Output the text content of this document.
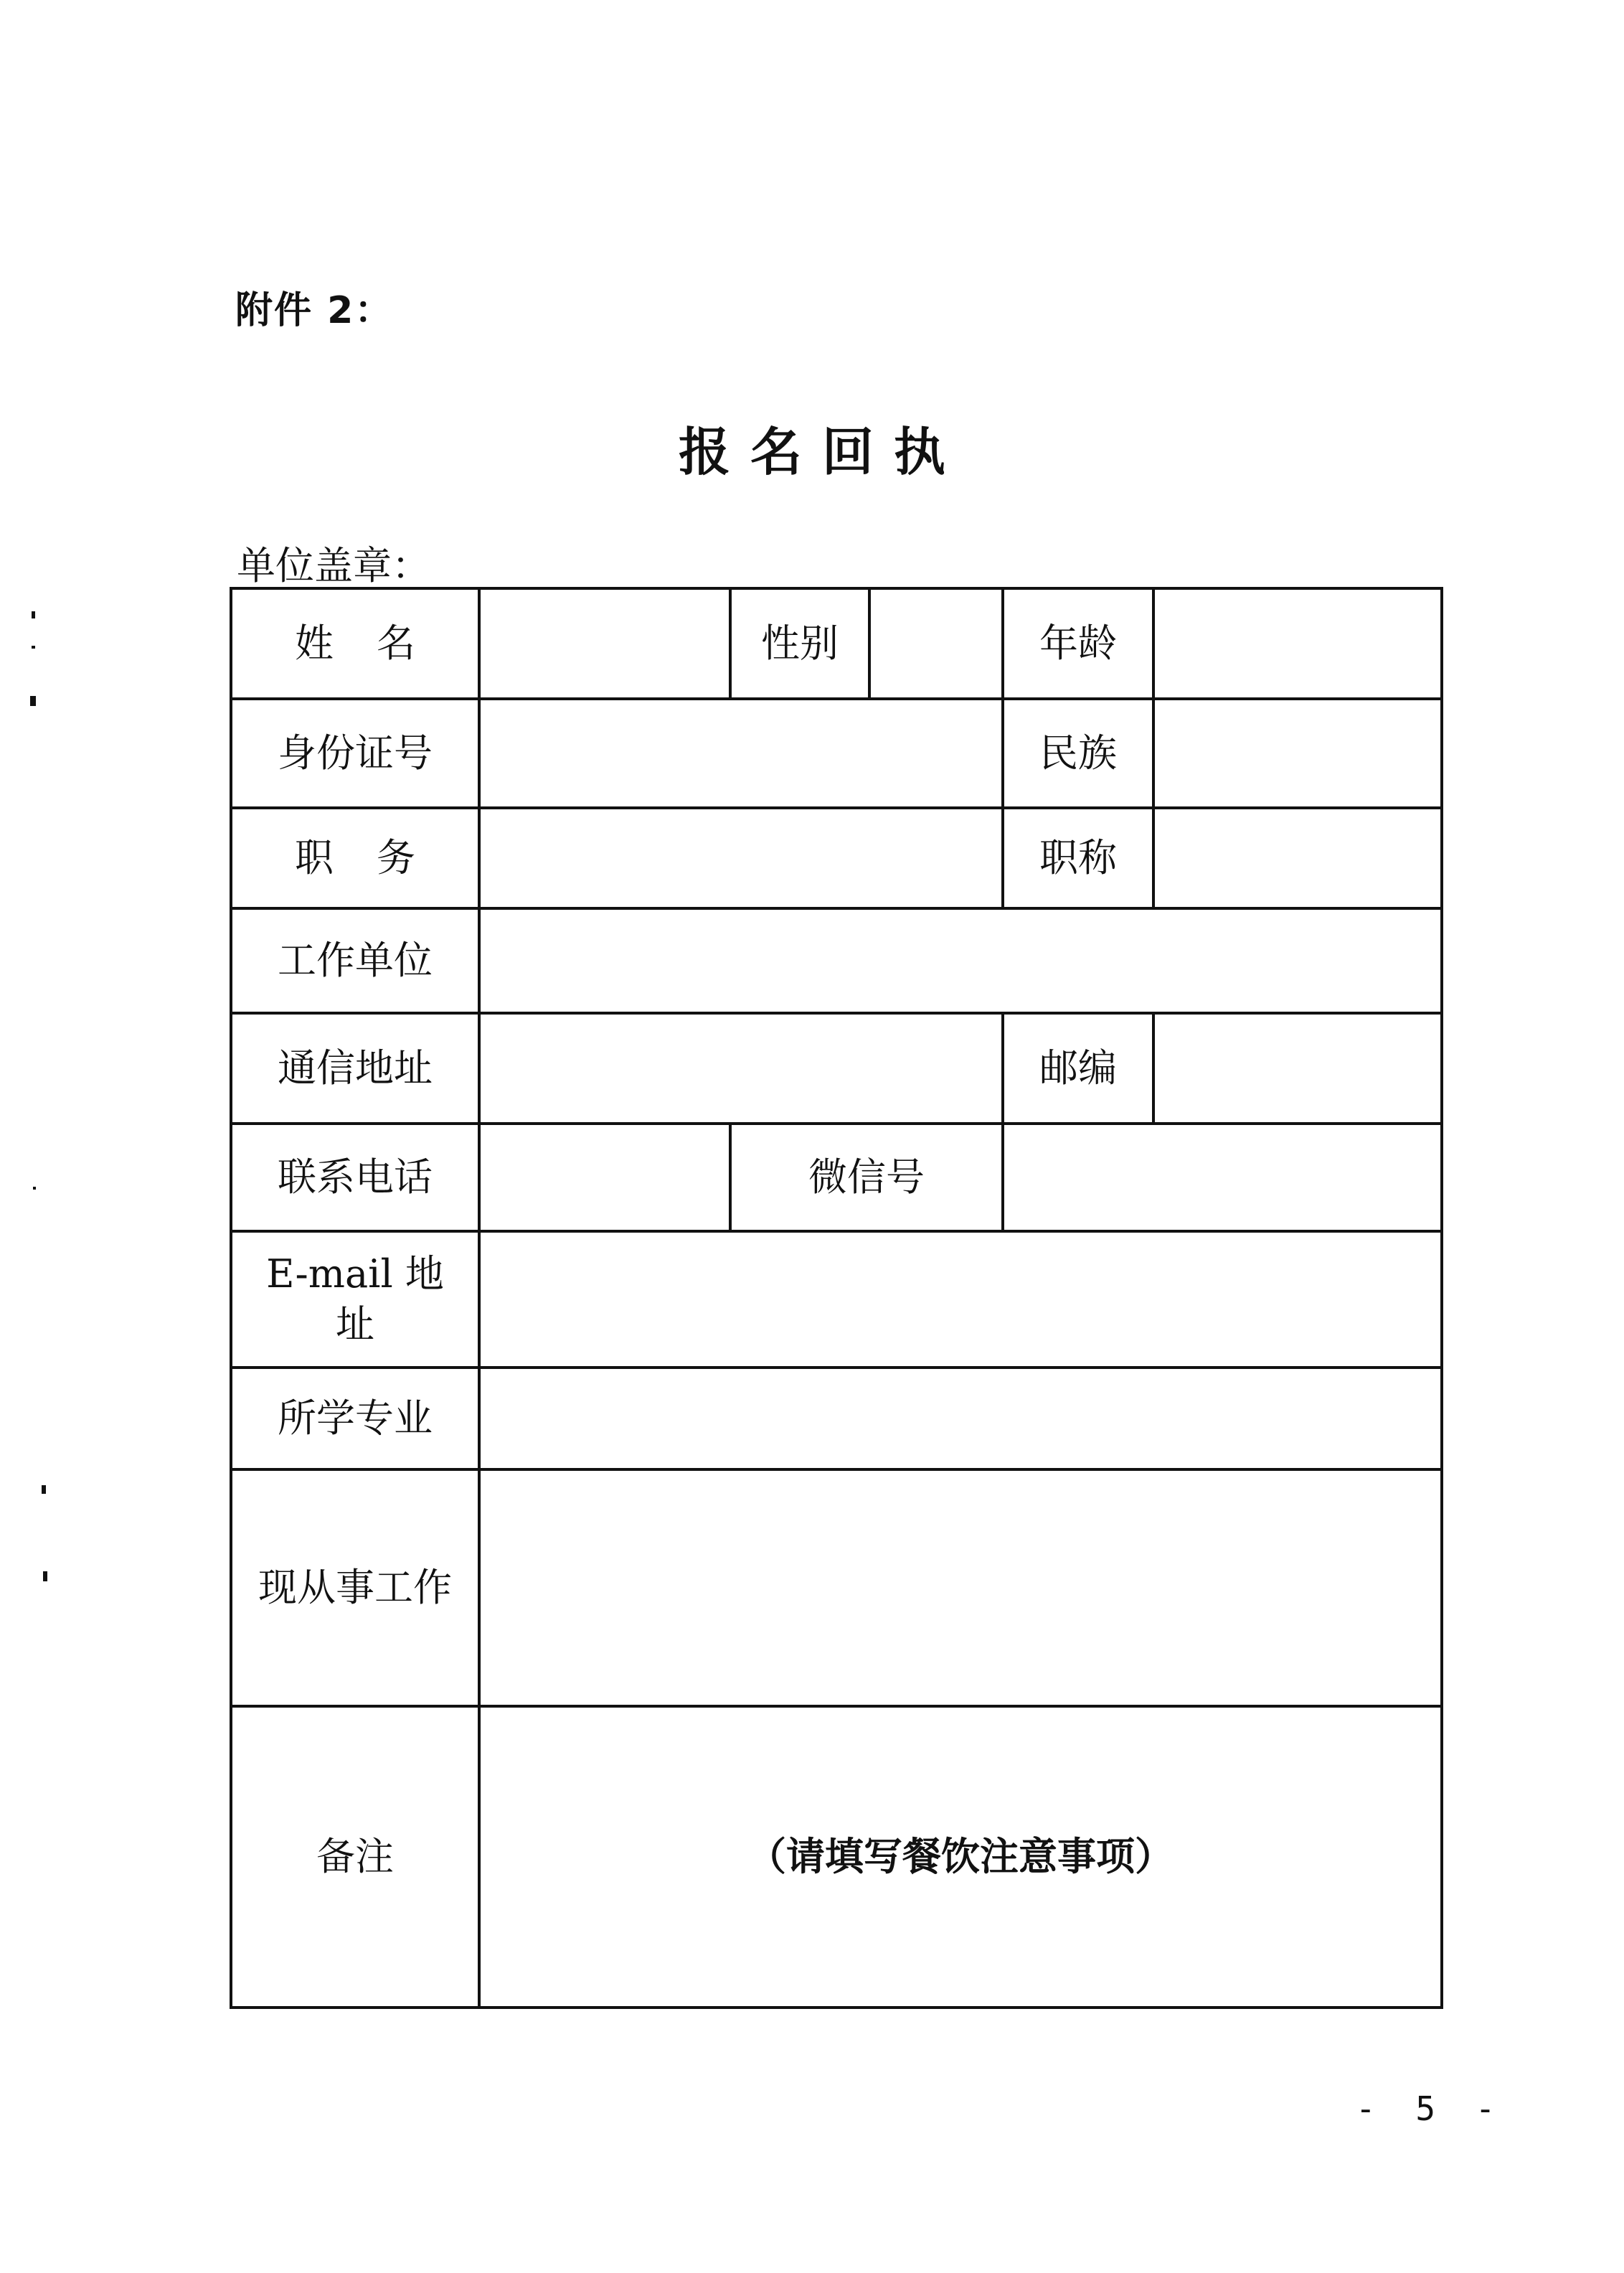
附件 2：
报名回执
单位盖章：
姓名		性别		年龄	
身份证号				民族	
职务				职称	
工作单位					
通信地址				邮编	
联系电话		微信号			

E-mail 地
址					

所学专业					
现从事工作					
备注	（请填写餐饮注意事项）				
- 5 -
